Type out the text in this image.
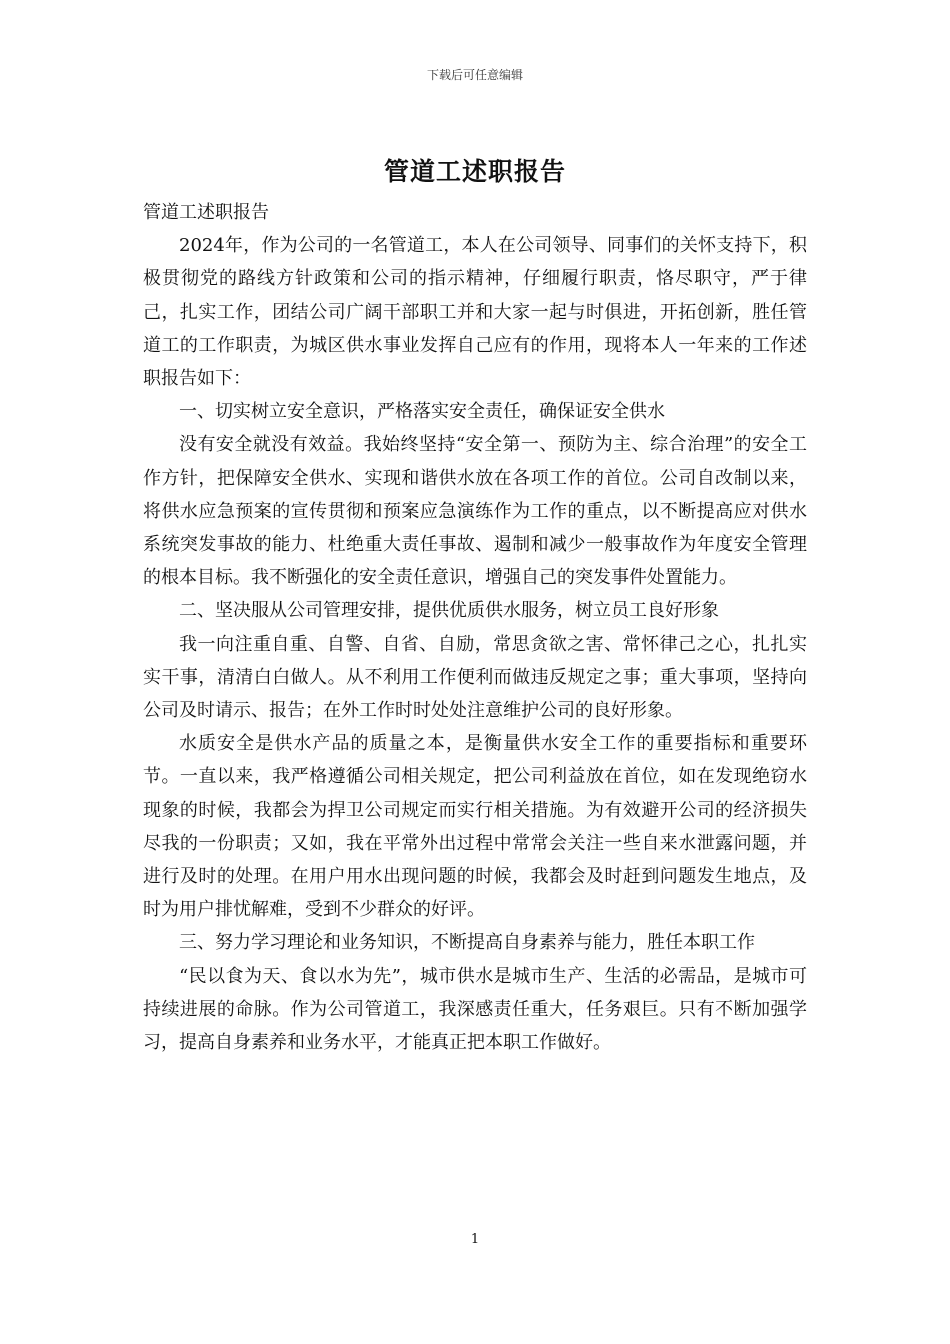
下载后可任意编辑
管道工述职报告

管道工述职报告

2024年，作为公司的一名管道工，本人在公司领导、同事们的关怀支持下，积极贯彻党的路线方针政策和公司的指示精神，仔细履行职责，恪尽职守，严于律己，扎实工作，团结公司广阔干部职工并和大家一起与时俱进，开拓创新，胜任管道工的工作职责，为城区供水事业发挥自己应有的作用，现将本人一年来的工作述职报告如下：

一、切实树立安全意识，严格落实安全责任，确保证安全供水

没有安全就没有效益。我始终坚持“安全第一、预防为主、综合治理”的安全工作方针，把保障安全供水、实现和谐供水放在各项工作的首位。公司自改制以来，将供水应急预案的宣传贯彻和预案应急演练作为工作的重点，以不断提高应对供水系统突发事故的能力、杜绝重大责任事故、遏制和减少一般事故作为年度安全管理的根本目标。我不断强化的安全责任意识，增强自己的突发事件处置能力。

二、坚决服从公司管理安排，提供优质供水服务，树立员工良好形象

我一向注重自重、自警、自省、自励，常思贪欲之害、常怀律己之心，扎扎实实干事，清清白白做人。从不利用工作便利而做违反规定之事；重大事项，坚持向公司及时请示、报告；在外工作时时处处注意维护公司的良好形象。

水质安全是供水产品的质量之本，是衡量供水安全工作的重要指标和重要环节。一直以来，我严格遵循公司相关规定，把公司利益放在首位，如在发现绝窃水现象的时候，我都会为捍卫公司规定而实行相关措施。为有效避开公司的经济损失尽我的一份职责；又如，我在平常外出过程中常常会关注一些自来水泄露问题，并进行及时的处理。在用户用水出现问题的时候，我都会及时赶到问题发生地点，及时为用户排忧解难，受到不少群众的好评。

三、努力学习理论和业务知识，不断提高自身素养与能力，胜任本职工作

“民以食为天、食以水为先”，城市供水是城市生产、生活的必需品，是城市可持续进展的命脉。作为公司管道工，我深感责任重大，任务艰巨。只有不断加强学习，提高自身素养和业务水平，才能真正把本职工作做好。

1
